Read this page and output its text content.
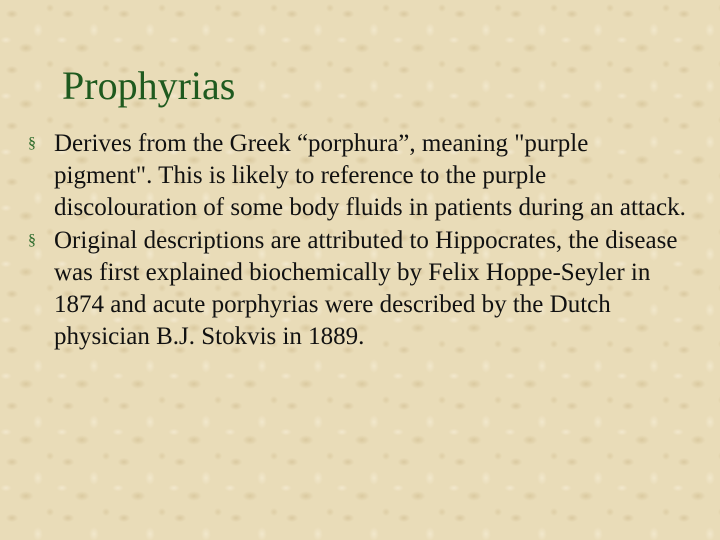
Prophyrias
§ Derives from the Greek “porphura”, meaning "purple pigment". This is likely to reference to the purple discolouration of some body fluids in patients during an attack.
§ Original descriptions are attributed to Hippocrates, the disease was first explained biochemically by Felix Hoppe-Seyler in 1874 and acute porphyrias were described by the Dutch physician B.J. Stokvis in 1889.
